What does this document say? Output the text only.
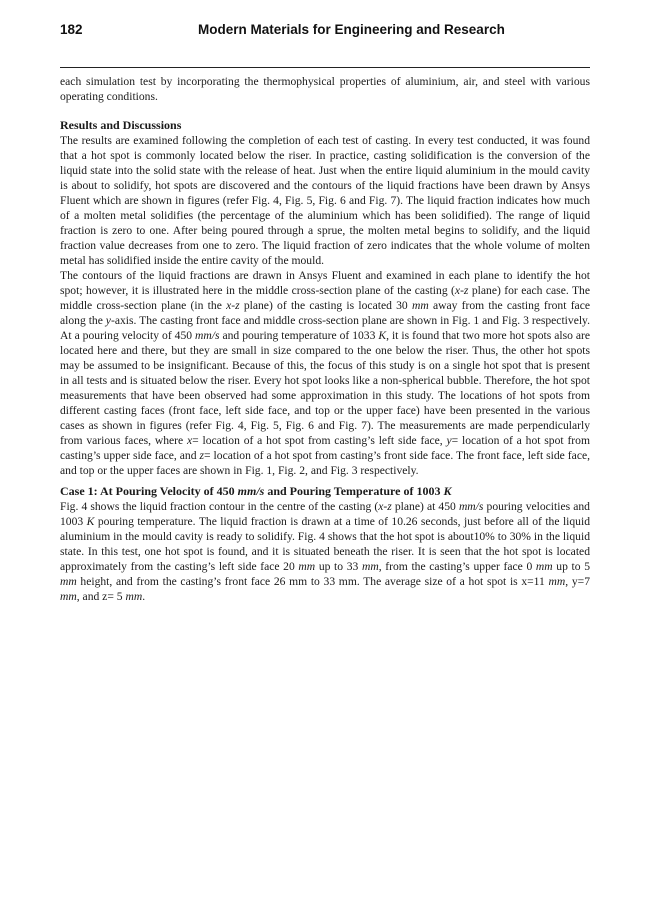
182	Modern Materials for Engineering and Research

each simulation test by incorporating the thermophysical properties of aluminium, air, and steel with various operating conditions.

Results and Discussions

The results are examined following the completion of each test of casting. In every test conducted, it was found that a hot spot is commonly located below the riser. In practice, casting solidification is the conversion of the liquid state into the solid state with the release of heat. Just when the entire liquid aluminium in the mould cavity is about to solidify, hot spots are discovered and the contours of the liquid fractions have been drawn by Ansys Fluent which are shown in figures (refer Fig. 4, Fig. 5, Fig. 6 and Fig. 7). The liquid fraction indicates how much of a molten metal solidifies (the percentage of the aluminium which has been solidified). The range of liquid fraction is zero to one. After being poured through a sprue, the molten metal begins to solidify, and the liquid fraction value decreases from one to zero. The liquid fraction of zero indicates that the whole volume of molten metal has solidified inside the entire cavity of the mould.

The contours of the liquid fractions are drawn in Ansys Fluent and examined in each plane to identify the hot spot; however, it is illustrated here in the middle cross-section plane of the casting (x-z plane) for each case. The middle cross-section plane (in the x-z plane) of the casting is located 30 mm away from the casting front face along the y-axis. The casting front face and middle cross-section plane are shown in Fig. 1 and Fig. 3 respectively. At a pouring velocity of 450 mm/s and pouring temperature of 1033 K, it is found that two more hot spots also are located here and there, but they are small in size compared to the one below the riser. Thus, the other hot spots may be assumed to be insignificant. Because of this, the focus of this study is on a single hot spot that is present in all tests and is situated below the riser. Every hot spot looks like a non-spherical bubble. Therefore, the hot spot measurements that have been observed had some approximation in this study. The locations of hot spots from different casting faces (front face, left side face, and top or the upper face) have been presented in the various cases as shown in figures (refer Fig. 4, Fig. 5, Fig. 6 and Fig. 7). The measurements are made perpendicularly from various faces, where x= location of a hot spot from casting’s left side face, y= location of a hot spot from casting’s upper side face, and z= location of a hot spot from casting’s front side face. The front face, left side face, and top or the upper faces are shown in Fig. 1, Fig. 2, and Fig. 3 respectively.

Case 1: At Pouring Velocity of 450 mm/s and Pouring Temperature of 1003 K

Fig. 4 shows the liquid fraction contour in the centre of the casting (x-z plane) at 450 mm/s pouring velocities and 1003 K pouring temperature. The liquid fraction is drawn at a time of 10.26 seconds, just before all of the liquid aluminium in the mould cavity is ready to solidify. Fig. 4 shows that the hot spot is about10% to 30% in the liquid state. In this test, one hot spot is found, and it is situated beneath the riser. It is seen that the hot spot is located approximately from the casting’s left side face 20 mm up to 33 mm, from the casting’s upper face 0 mm up to 5 mm height, and from the casting’s front face 26 mm to 33 mm. The average size of a hot spot is x=11 mm, y=7 mm, and z= 5 mm.
